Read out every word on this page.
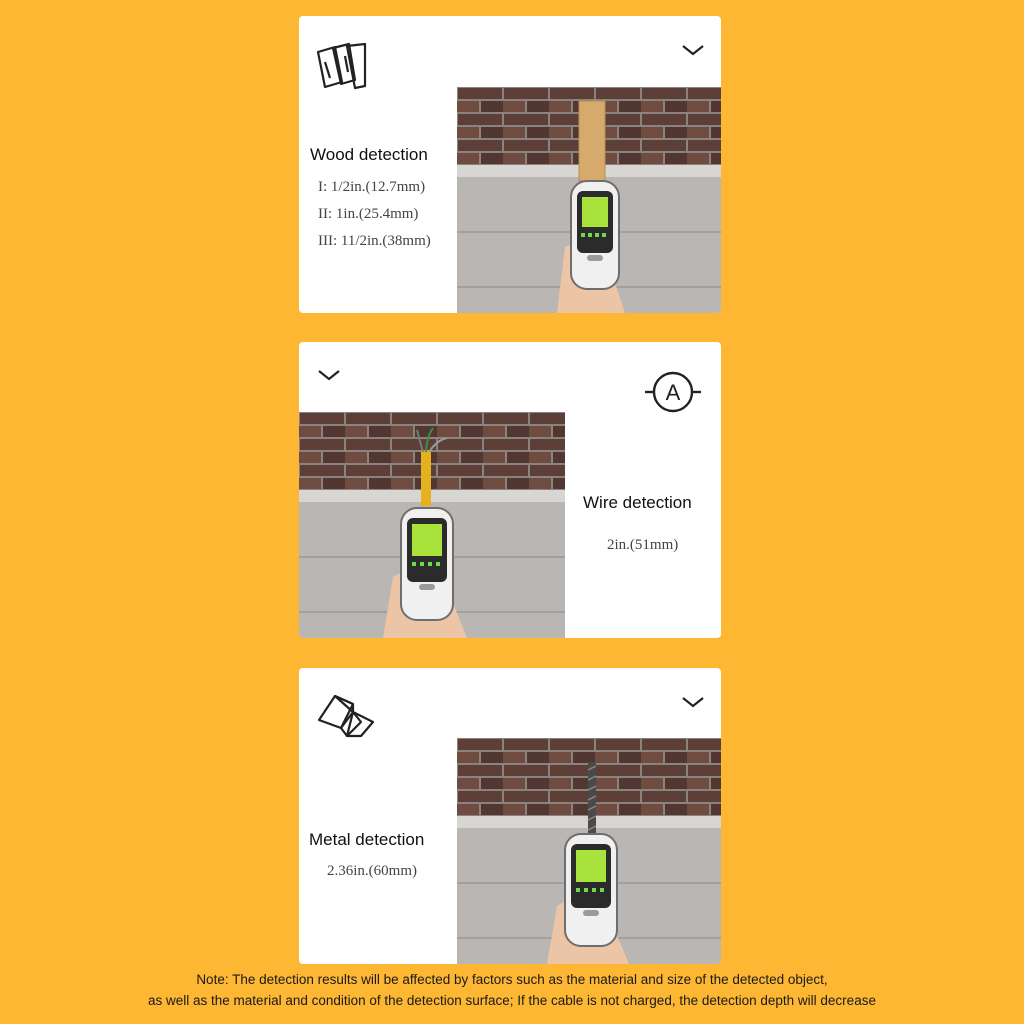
Wood detection
I: 1/2in.(12.7mm)
II: 1in.(25.4mm)
III: 11/2in.(38mm)
A
Wire detection
2in.(51mm)
Metal detection
2.36in.(60mm)
Note: The detection results will be affected by factors such as the material and size of the detected object,
as well as the material and condition of the detection surface; If the cable is not charged, the detection depth will decrease
